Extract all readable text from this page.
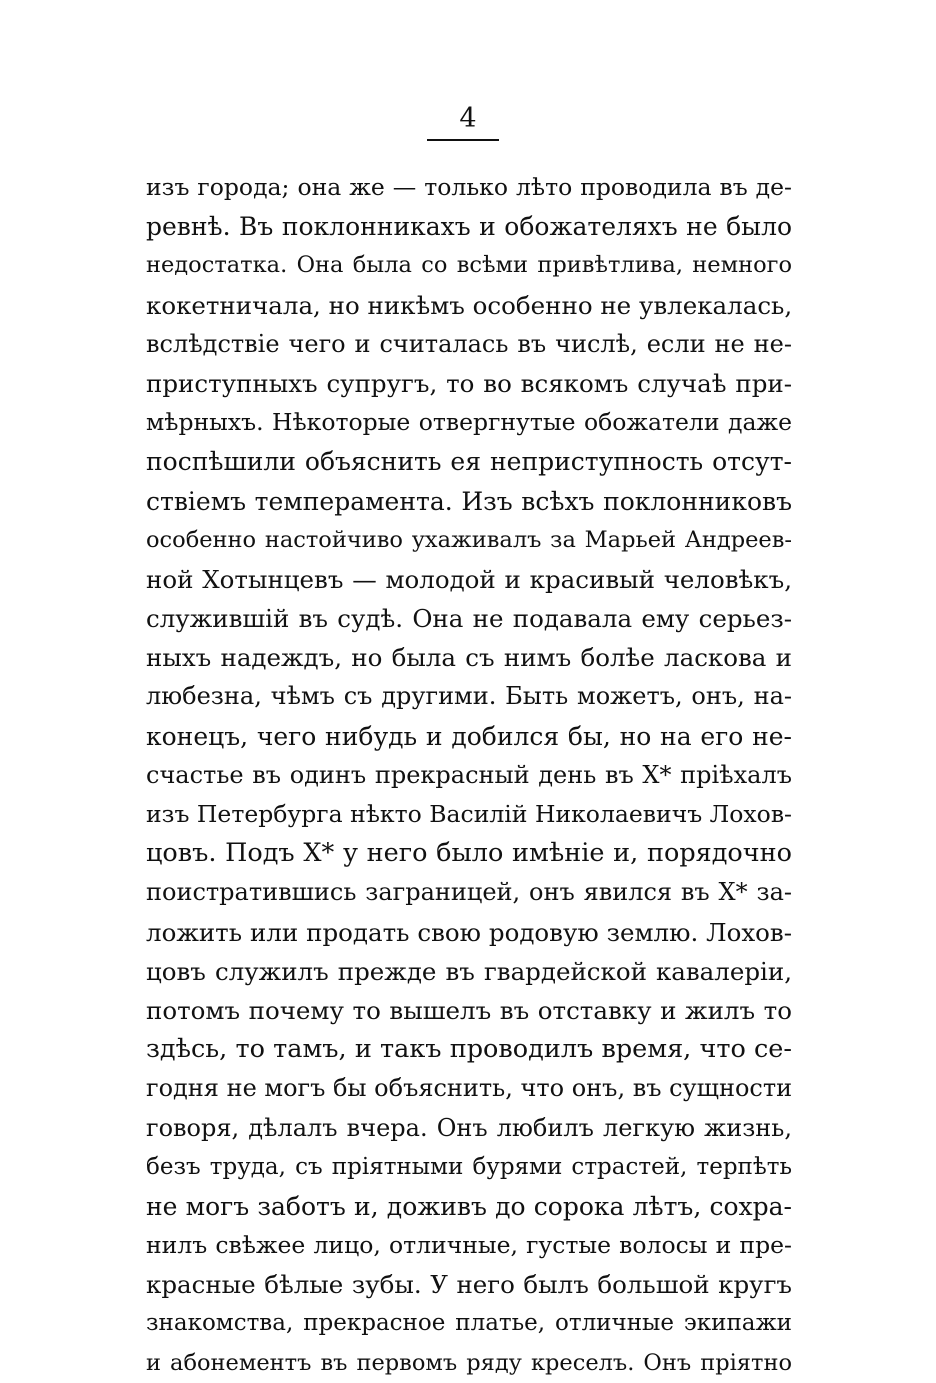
4
изъ города; она же — только лѣто проводила въ де-
ревнѣ. Въ поклонникахъ и обожателяхъ не было
недостатка. Она была со всѣми привѣтлива, немного
кокетничала, но никѣмъ особенно не увлекалась,
вслѣдствіе чего и считалась въ числѣ, если не не-
приступныхъ супругъ, то во всякомъ случаѣ при-
мѣрныхъ. Нѣкоторые отвергнутые обожатели даже
поспѣшили объяснить ея неприступность отсут-
ствіемъ темперамента. Изъ всѣхъ поклонниковъ
особенно настойчиво ухаживалъ за Марьей Андреев-
ной Хотынцевъ — молодой и красивый человѣкъ,
служившій въ судѣ. Она не подавала ему серьез-
ныхъ надеждъ, но была съ нимъ болѣе ласкова и
любезна, чѣмъ съ другими. Быть можетъ, онъ, на-
конецъ, чего нибудь и добился бы, но на его не-
счастье въ одинъ прекрасный день въ Х* пріѣхалъ
изъ Петербурга нѣкто Василій Николаевичъ Лохов-
цовъ. Подъ Х* у него было имѣніе и, порядочно
поистратившись заграницей, онъ явился въ Х* за-
ложить или продать свою родовую землю. Лохов-
цовъ служилъ прежде въ гвардейской кавалеріи,
потомъ почему то вышелъ въ отставку и жилъ то
здѣсь, то тамъ, и такъ проводилъ время, что се-
годня не могъ бы объяснить, что онъ, въ сущности
говоря, дѣлалъ вчера. Онъ любилъ легкую жизнь,
безъ труда, съ пріятными бурями страстей, терпѣть
не могъ заботъ и, доживъ до сорока лѣтъ, сохра-
нилъ свѣжее лицо, отличные, густые волосы и пре-
красные бѣлые зубы. У него былъ большой кругъ
знакомства, прекрасное платье, отличные экипажи
и абонементъ въ первомъ ряду креселъ. Онъ пріятно
